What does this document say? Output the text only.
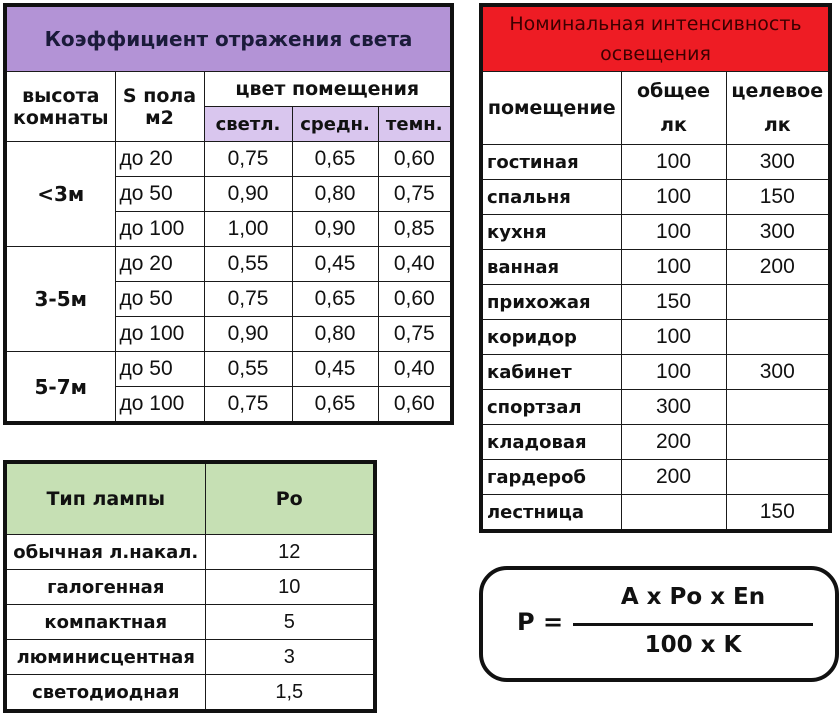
Коэффициент отражения света				
высота комнаты	S пола м2	цвет помещения		
		светл.	средн.	темн.
<3м	до 20	0,75	0,65	0,60
	до 50	0,90	0,80	0,75
	до 100	1,00	0,90	0,85
3-5м	до 20	0,55	0,45	0,40
	до 50	0,75	0,65	0,60
	до 100	0,90	0,80	0,75
5-7м	до 50	0,55	0,45	0,40
	до 100	0,75	0,65	0,60
Номинальная интенсивность освещения		
помещение	общее лк	целевое лк
гостиная	100	300
спальня	100	150
кухня	100	300
ванная	100	200
прихожая	150	
коридор	100	
кабинет	100	300
спортзал	300	
кладовая	200	
гардероб	200	
лестница		150
Тип лампы	Ро
обычная л.накал.	12
галогенная	10
компактная	5
люминисцентная	3
светодиодная	1,5
P =
A x Po x En
100 x K
